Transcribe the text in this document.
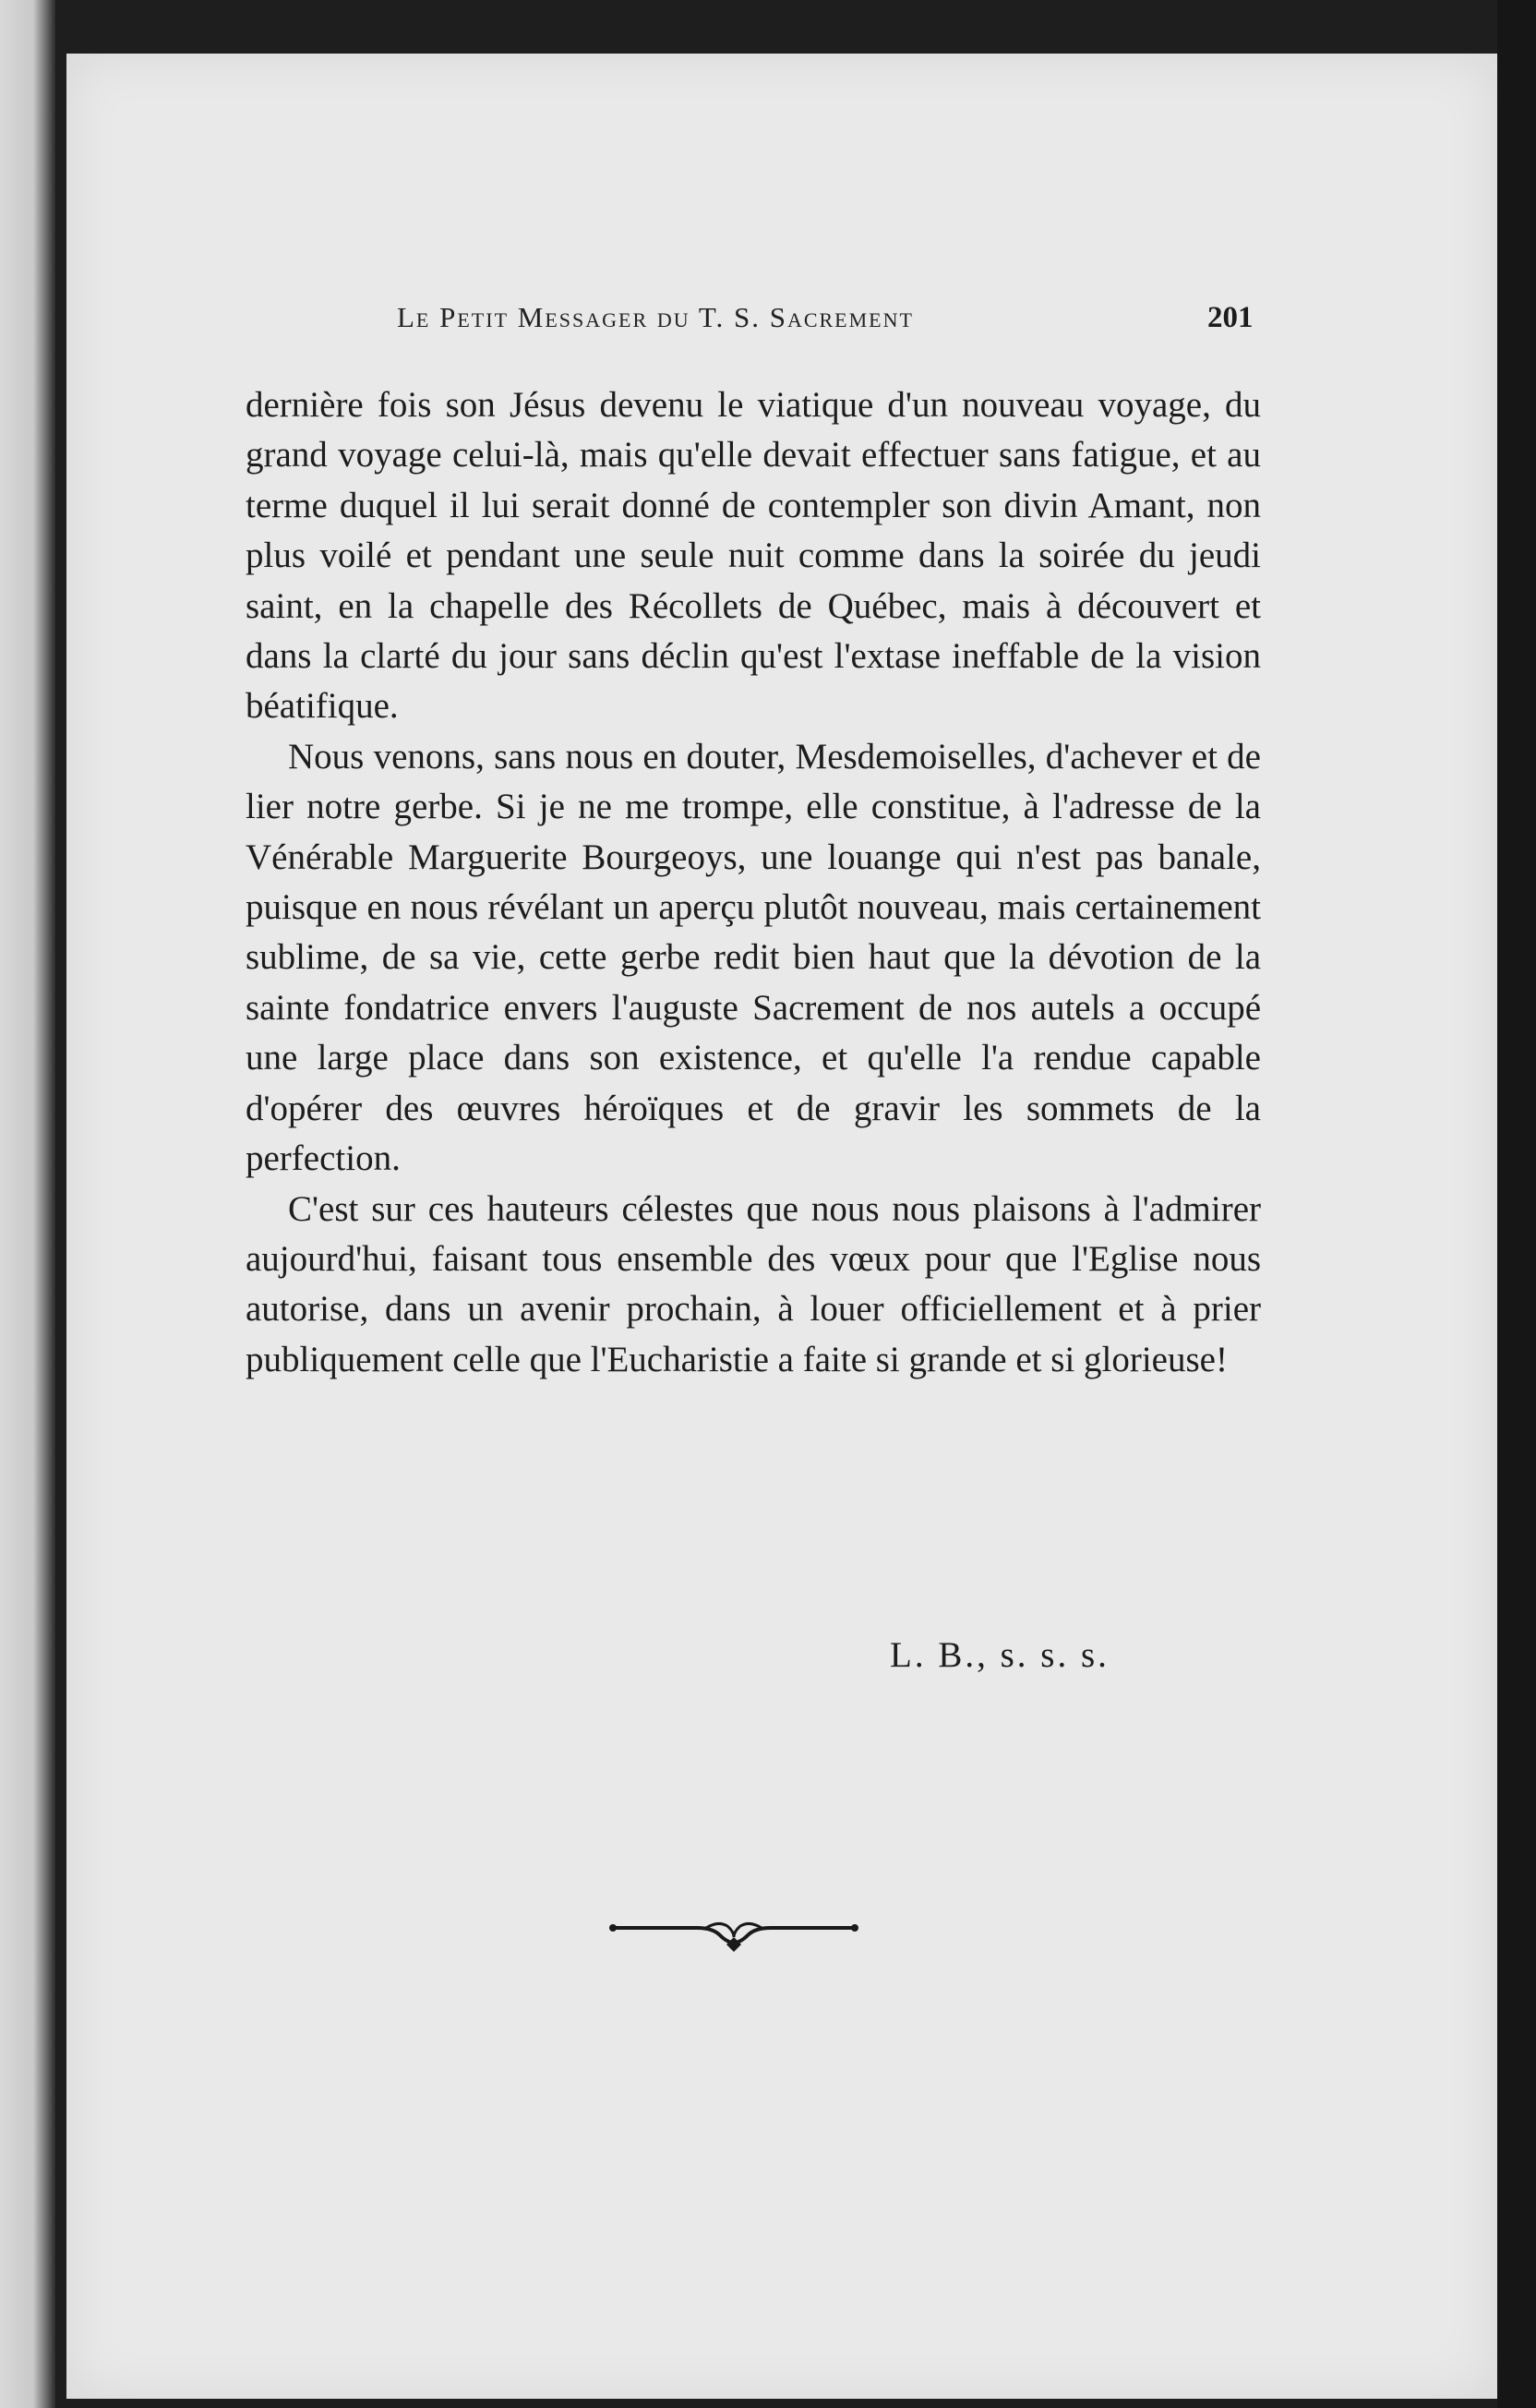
Le Petit Messager du T. S. Sacrement	201

dernière fois son Jésus devenu le viatique d'un nouveau voyage, du grand voyage celui-là, mais qu'elle devait effectuer sans fatigue, et au terme duquel il lui serait donné de contempler son divin Amant, non plus voilé et pendant une seule nuit comme dans la soirée du jeudi saint, en la chapelle des Récollets de Québec, mais à découvert et dans la clarté du jour sans déclin qu'est l'extase ineffable de la vision béatifique.

Nous venons, sans nous en douter, Mesdemoiselles, d'achever et de lier notre gerbe. Si je ne me trompe, elle constitue, à l'adresse de la Vénérable Marguerite Bourgeoys, une louange qui n'est pas banale, puisque en nous révélant un aperçu plutôt nouveau, mais certainement sublime, de sa vie, cette gerbe redit bien haut que la dévotion de la sainte fondatrice envers l'auguste Sacrement de nos autels a occupé une large place dans son existence, et qu'elle l'a rendue capable d'opérer des œuvres héroïques et de gravir les sommets de la perfection.

C'est sur ces hauteurs célestes que nous nous plaisons à l'admirer aujourd'hui, faisant tous ensemble des vœux pour que l'Eglise nous autorise, dans un avenir prochain, à louer officiellement et à prier publiquement celle que l'Eucharistie a faite si grande et si glorieuse!

L. B., s. s. s.
